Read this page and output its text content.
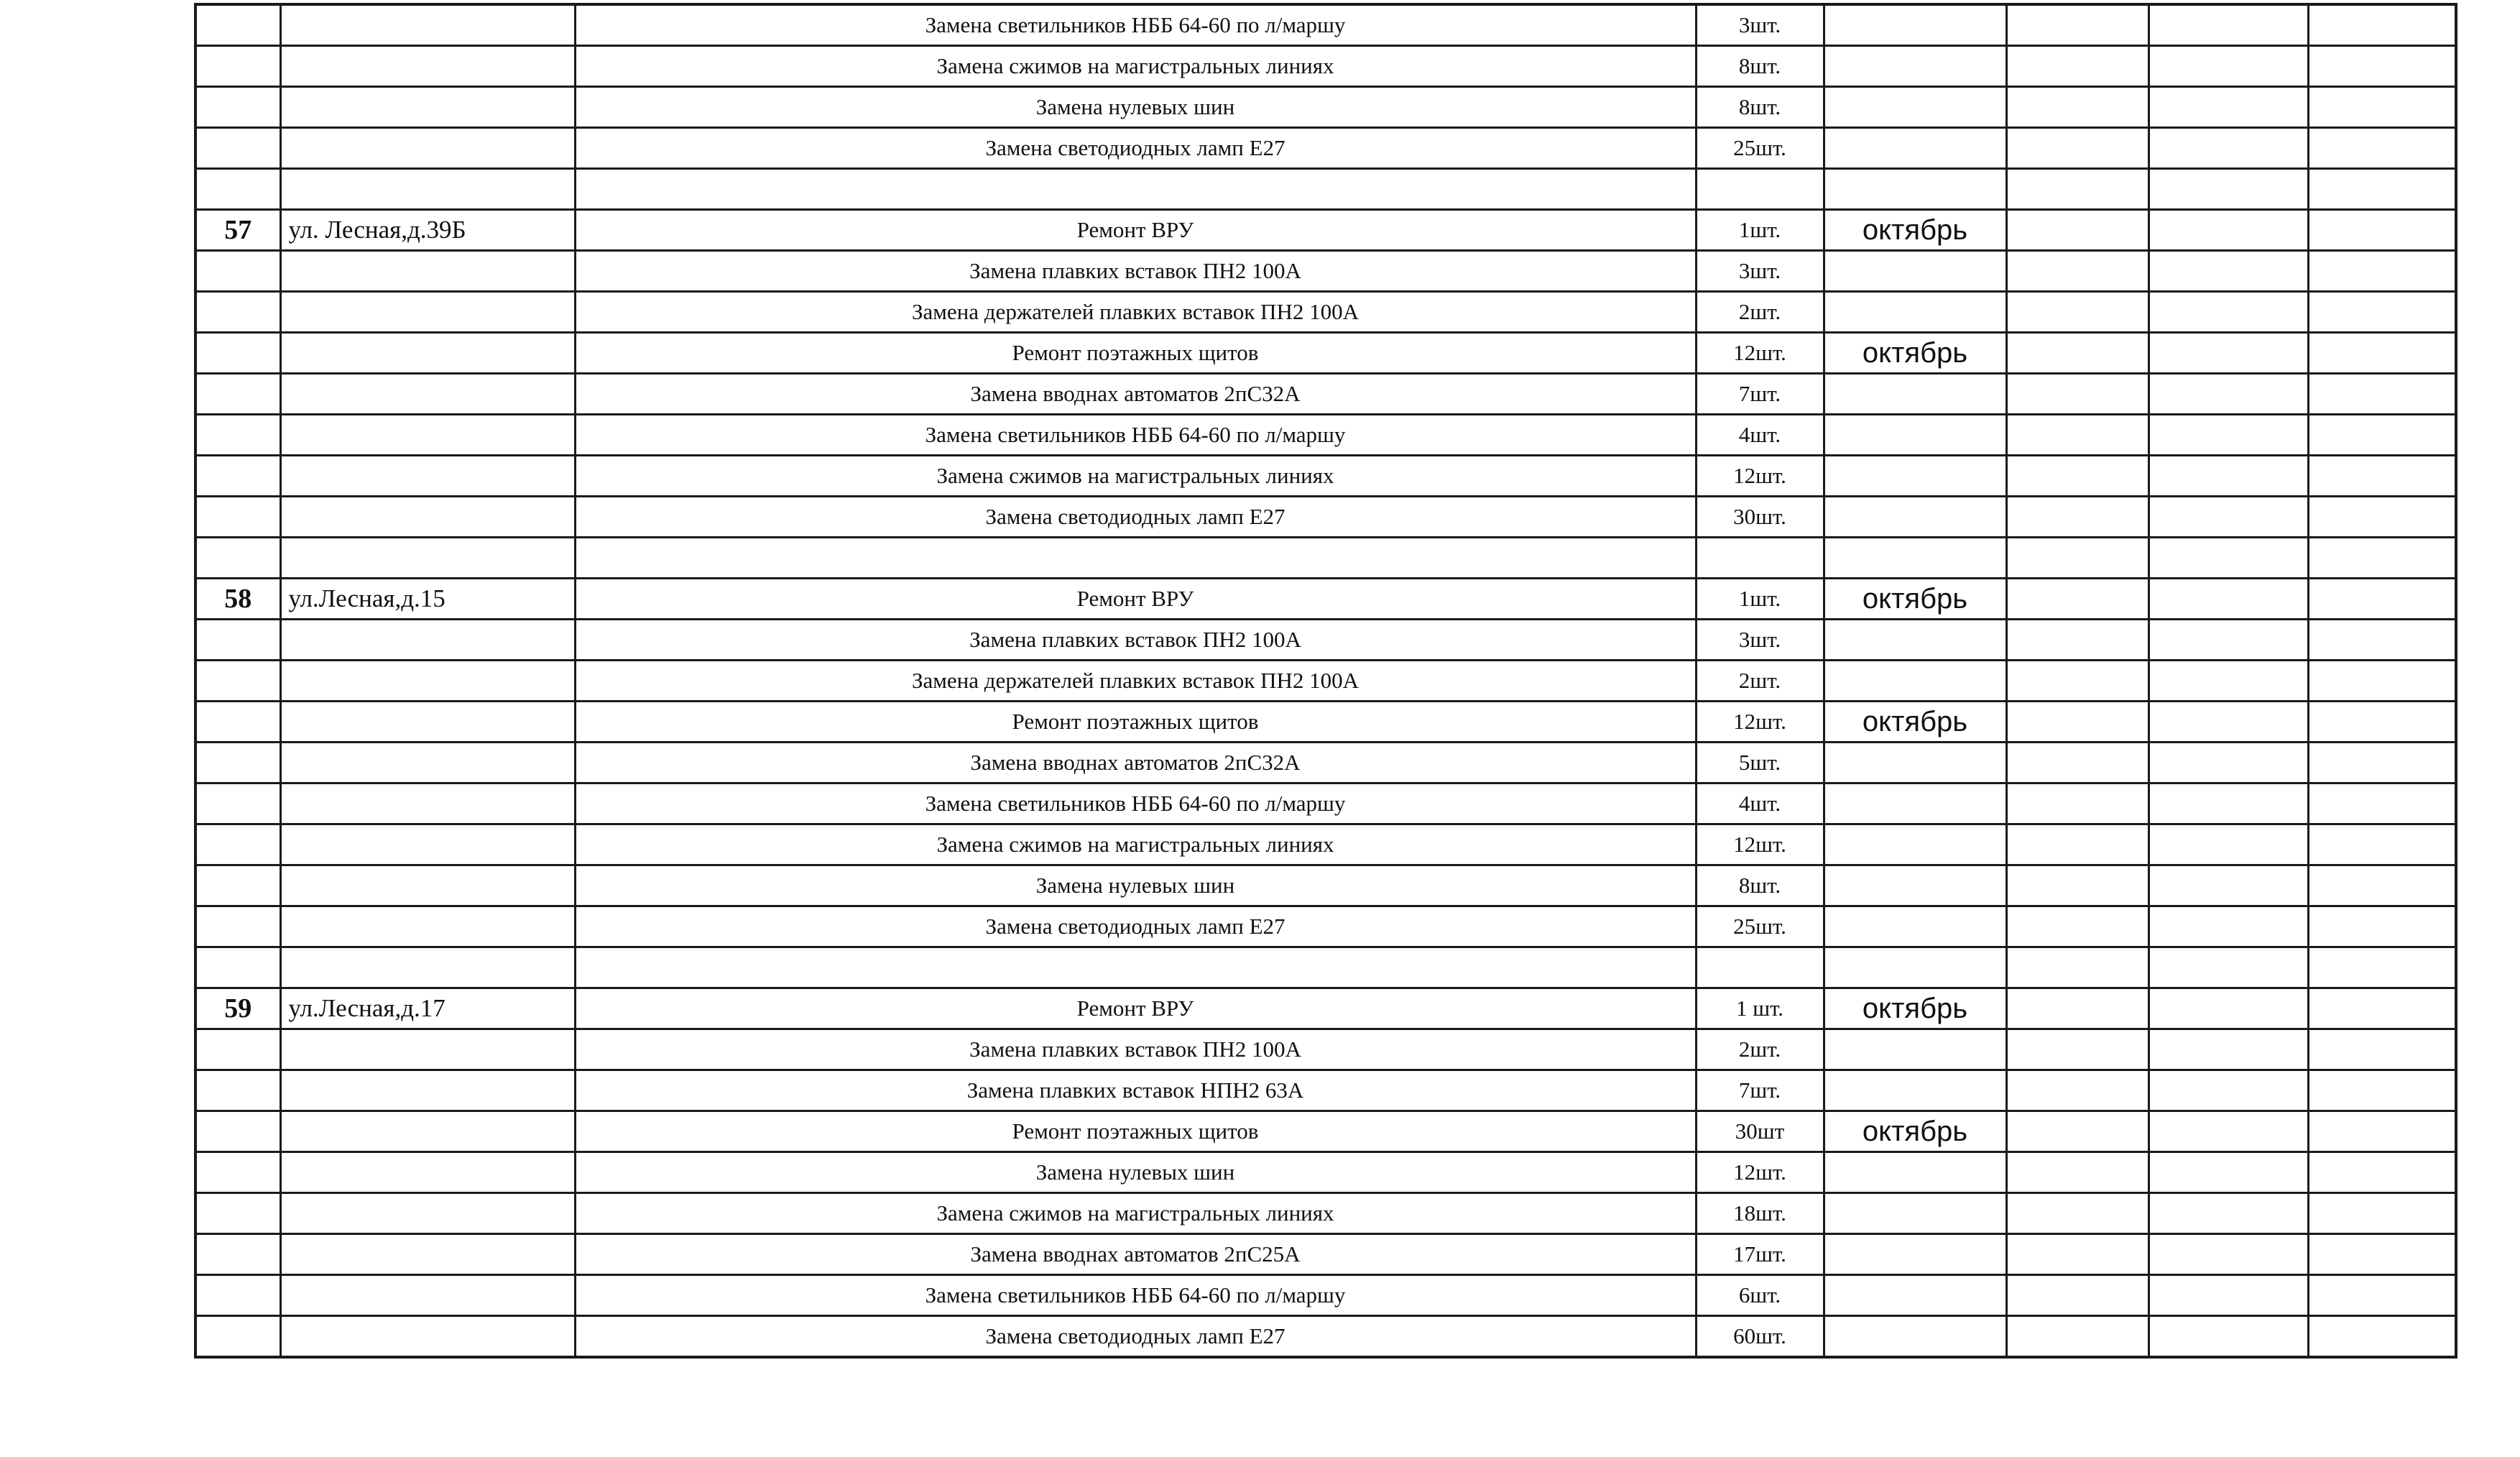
		Замена светильников НББ 64-60 по л/маршу	3шт.				
		Замена сжимов на магистральных линиях	8шт.				
		Замена нулевых шин	8шт.				
		Замена светодиодных ламп Е27	25шт.				

57	ул. Лесная,д.39Б	Ремонт ВРУ	1шт.	октябрь			
		Замена плавких вставок ПН2 100А	3шт.				
		Замена держателей плавких вставок ПН2 100А	2шт.				
		Ремонт поэтажных щитов	12шт.	октябрь			
		Замена вводнах автоматов 2пС32А	7шт.				
		Замена светильников НББ 64-60 по л/маршу	4шт.				
		Замена сжимов на магистральных линиях	12шт.				
		Замена светодиодных ламп Е27	30шт.				

58	ул.Лесная,д.15	Ремонт ВРУ	1шт.	октябрь			
		Замена плавких вставок ПН2 100А	3шт.				
		Замена держателей плавких вставок ПН2 100А	2шт.				
		Ремонт поэтажных щитов	12шт.	октябрь			
		Замена вводнах автоматов 2пС32А	5шт.				
		Замена светильников НББ 64-60 по л/маршу	4шт.				
		Замена сжимов на магистральных линиях	12шт.				
		Замена нулевых шин	8шт.				
		Замена светодиодных ламп Е27	25шт.				

59	ул.Лесная,д.17	Ремонт ВРУ	1 шт.	октябрь			
		Замена плавких вставок ПН2 100А	2шт.				
		Замена плавких вставок НПН2 63А	7шт.				
		Ремонт поэтажных щитов	30шт	октябрь			
		Замена нулевых шин	12шт.				
		Замена сжимов на магистральных линиях	18шт.				
		Замена вводнах автоматов 2пС25А	17шт.				
		Замена светильников НББ 64-60 по л/маршу	6шт.				
		Замена светодиодных ламп Е27	60шт.				
